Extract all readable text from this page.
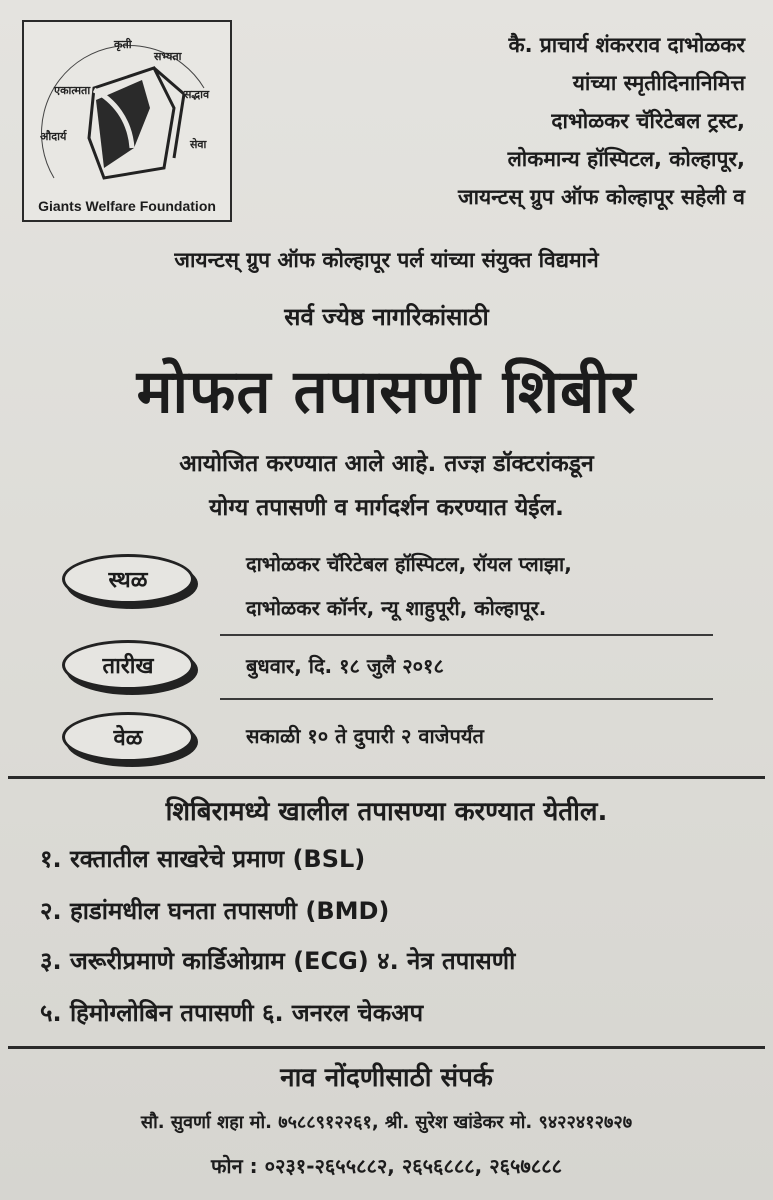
एकात्मता
कृती
सभ्यता
औदार्य
सद्भाव
सेवा
Giants Welfare Foundation
कै. प्राचार्य शंकरराव दाभोळकर
यांच्या स्मृतीदिनानिमित्त
दाभोळकर चॅरिटेबल ट्रस्ट,
लोकमान्य हॉस्पिटल, कोल्हापूर,
जायन्टस् ग्रुप ऑफ कोल्हापूर सहेली व
जायन्टस् ग्रुप ऑफ कोल्हापूर पर्ल यांच्या संयुक्त विद्यमाने
सर्व ज्येष्ठ नागरिकांसाठी
मोफत तपासणी शिबीर
आयोजित करण्यात आले आहे. तज्ज्ञ डॉक्टरांकडून
योग्य तपासणी व मार्गदर्शन करण्यात येईल.
स्थळ
दाभोळकर चॅरिटेबल हॉस्पिटल, रॉयल प्लाझा,
दाभोळकर कॉर्नर, न्यू शाहुपूरी, कोल्हापूर.
तारीख	बुधवार, दि. १८ जुलै २०१८
वेळ	सकाळी १० ते दुपारी २ वाजेपर्यंत
शिबिरामध्ये खालील तपासण्या करण्यात येतील.
१. रक्तातील साखरेचे प्रमाण (BSL)
२. हाडांमधील घनता तपासणी (BMD)
३. जरूरीप्रमाणे कार्डिओग्राम (ECG) ४. नेत्र तपासणी
५. हिमोग्लोबिन तपासणी ६. जनरल चेकअप
नाव नोंदणीसाठी संपर्क
सौ. सुवर्णा शहा मो. ७५८८९१२२६१, श्री. सुरेश खांडेकर मो. ९४२२४१२७२७
फोन : ०२३१-२६५५८८२, २६५६८८८, २६५७८८८
